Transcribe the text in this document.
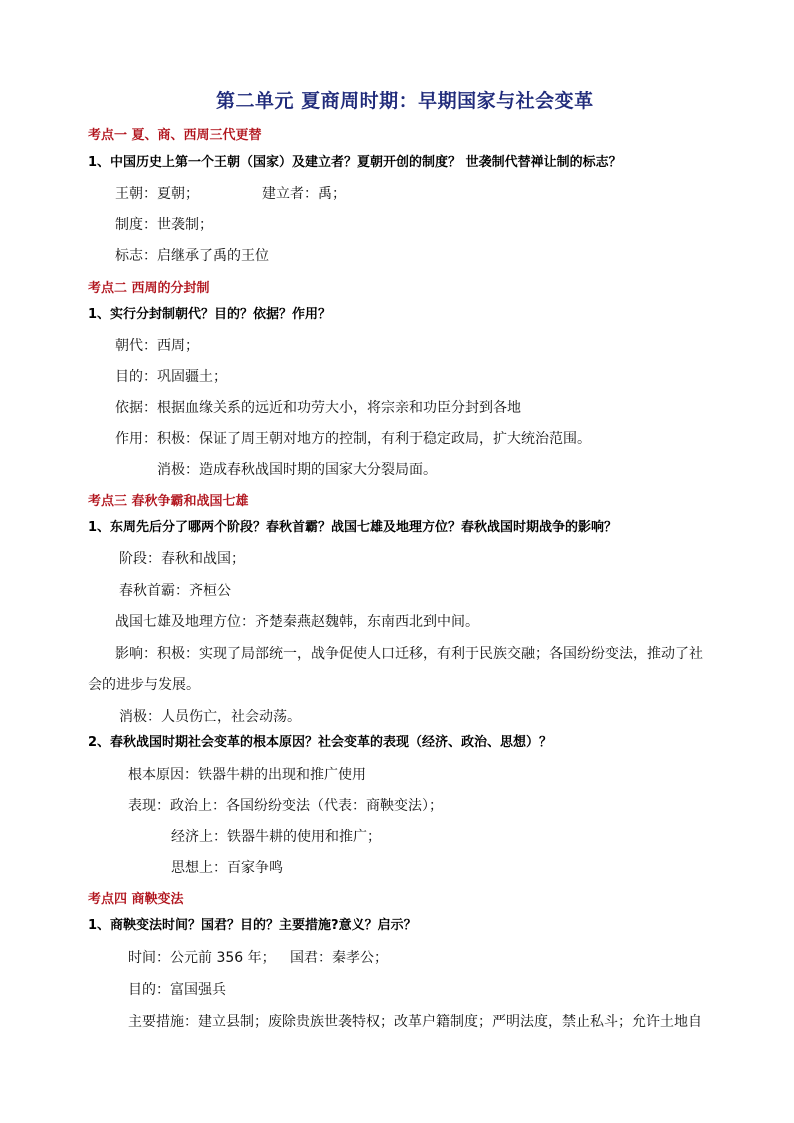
第二单元 夏商周时期：早期国家与社会变革
考点一 夏、商、西周三代更替
1、中国历史上第一个王朝（国家）及建立者？夏朝开创的制度？ 世袭制代替禅让制的标志？
王朝：夏朝；	建立者：禹；
制度：世袭制；
标志：启继承了禹的王位
考点二 西周的分封制
1、实行分封制朝代？目的？依据？作用？
朝代：西周；
目的：巩固疆土；
依据：根据血缘关系的远近和功劳大小，将宗亲和功臣分封到各地
作用：积极：保证了周王朝对地方的控制，有利于稳定政局，扩大统治范围。
消极：造成春秋战国时期的国家大分裂局面。
考点三 春秋争霸和战国七雄
1、东周先后分了哪两个阶段？春秋首霸？战国七雄及地理方位？春秋战国时期战争的影响？
阶段：春秋和战国；
春秋首霸：齐桓公
战国七雄及地理方位：齐楚秦燕赵魏韩，东南西北到中间。
影响：积极：实现了局部统一，战争促使人口迁移，有利于民族交融；各国纷纷变法，推动了社
会的进步与发展。
消极：人员伤亡，社会动荡。
2、春秋战国时期社会变革的根本原因？社会变革的表现（经济、政治、思想）？
根本原因：铁器牛耕的出现和推广使用
表现：政治上：各国纷纷变法（代表：商鞅变法）；
经济上：铁器牛耕的使用和推广；
思想上：百家争鸣
考点四 商鞅变法
1、商鞅变法时间？国君？目的？主要措施?意义？启示？
时间：公元前 356 年； 国君：秦孝公；
目的：富国强兵
主要措施：建立县制；废除贵族世袭特权；改革户籍制度；严明法度，禁止私斗；允许土地自
